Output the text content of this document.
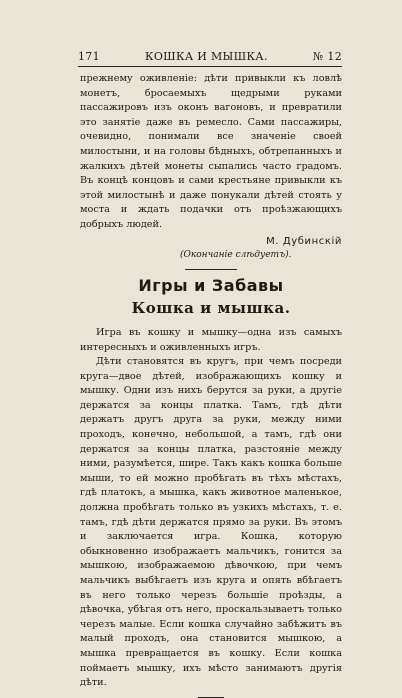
171	КОШКА И МЫШКА.	№ 12

прежнему оживленіе: дѣти привыкли къ ловлѣ монетъ, бросаемыхъ щедрыми руками пассажировъ изъ оконъ вагоновъ, и превратили это занятіе даже въ ремесло. Сами пассажиры, очевидно, понимали все значеніе своей милостыни, и на головы бѣдныхъ, обтрепанныхъ и жалкихъ дѣтей монеты сыпались часто градомъ. Въ концѣ концовъ и сами крестьяне привыкли къ этой милостынѣ и даже понукали дѣтей стоять у моста и ждать подачки отъ проѣзжающихъ добрыхъ людей.

М. Дубинскій

(Окончаніе слѣдуетъ).

Игры и Забавы
Кошка и мышка.

Игра въ кошку и мышку—одна изъ самыхъ интересныхъ и оживленныхъ игръ.

Дѣти становятся въ кругъ, при чемъ посреди круга—двое дѣтей, изображающихъ кошку и мышку. Одни изъ нихъ берутся за руки, а другіе держатся за концы платка. Тамъ, гдѣ дѣти держатъ другъ друга за руки, между ними проходъ, конечно, небольшой, а тамъ, гдѣ они держатся за концы платка, разстояніе между ними, разумѣется, шире. Такъ какъ кошка больше мыши, то ей можно пробѣгать въ тѣхъ мѣстахъ, гдѣ платокъ, а мышка, какъ животное маленькое, должна пробѣгать только въ узкихъ мѣстахъ, т. е. тамъ, гдѣ дѣти держатся прямо за руки. Въ этомъ и заключается игра. Кошка, которую обыкновенно изображаетъ мальчикъ, гонится за мышкою, изображаемою дѣвочкою, при чемъ мальчикъ выбѣгаетъ изъ круга и опять вбѣгаетъ въ него только черезъ большіе проѣзды, а дѣвочка, убѣгая отъ него, проскальзываетъ только черезъ малые. Если кошка случайно забѣжитъ въ малый проходъ, она становится мышкою, а мышка превращается въ кошку. Если кошка поймаетъ мышку, ихъ мѣсто занимаютъ другія дѣти.
